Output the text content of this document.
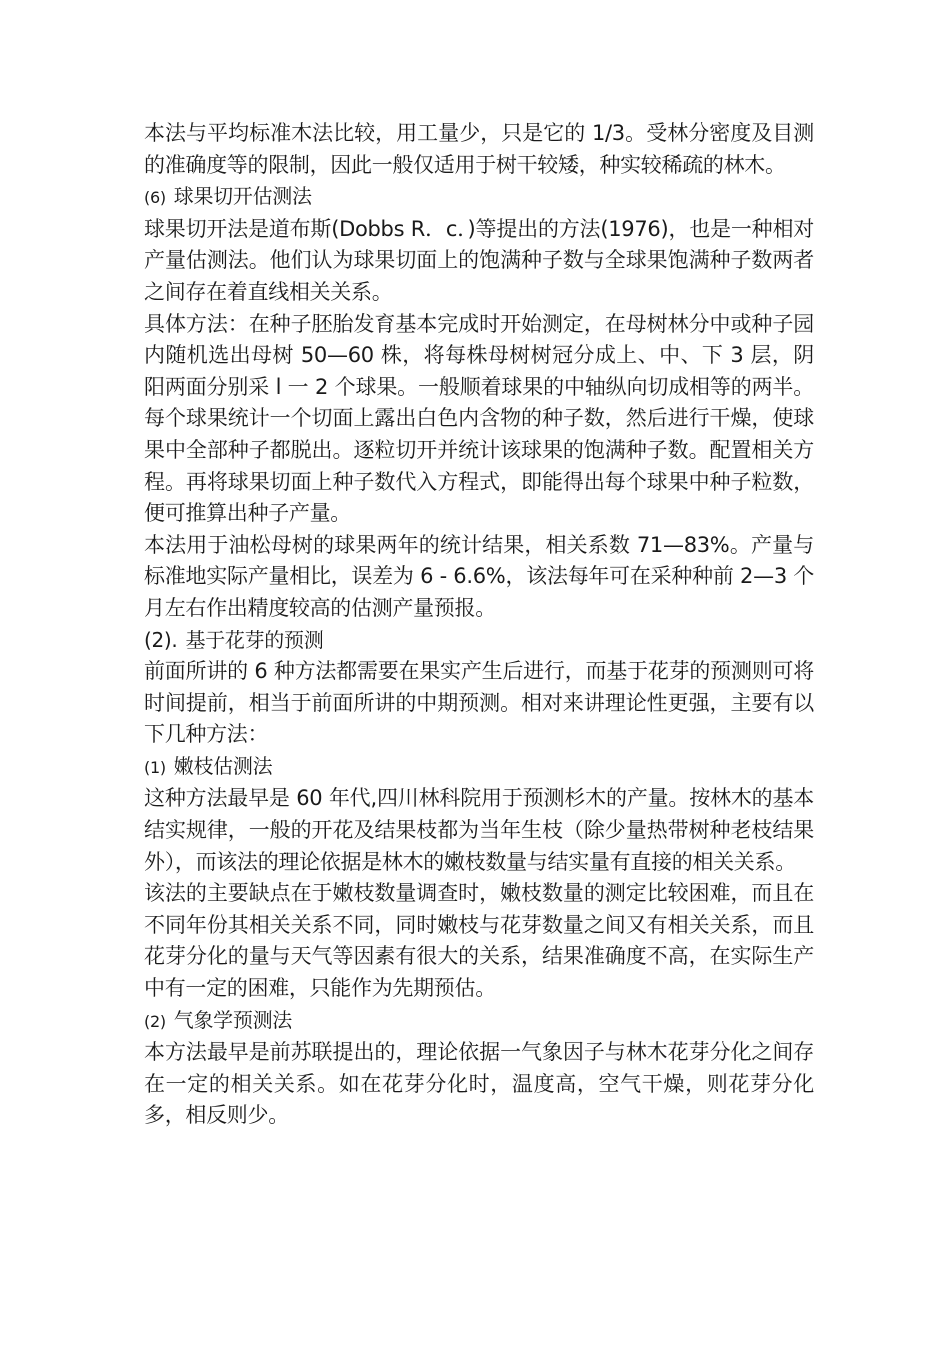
本法与平均标准木法比较，用工量少，只是它的 1/3。受林分密度及目测的准确度等的限制，因此一般仅适用于树干较矮，种实较稀疏的林木。

(6) 球果切开估测法

球果切开法是道布斯(Dobbs R．c．)等提出的方法(1976)，也是一种相对产量估测法。他们认为球果切面上的饱满种子数与全球果饱满种子数两者之间存在着直线相关关系。

具体方法：在种子胚胎发育基本完成时开始测定，在母树林分中或种子园内随机选出母树 50—60 株，将每株母树树冠分成上、中、下 3 层，阴阳两面分别采 l 一 2 个球果。一般顺着球果的中轴纵向切成相等的两半。每个球果统计一个切面上露出白色内含物的种子数，然后进行干燥，使球果中全部种子都脱出。逐粒切开并统计该球果的饱满种子数。配置相关方程。再将球果切面上种子数代入方程式，即能得出每个球果中种子粒数，便可推算出种子产量。

本法用于油松母树的球果两年的统计结果，相关系数 71—83%。产量与标准地实际产量相比，误差为 6 - 6.6%，该法每年可在采种种前 2—3 个月左右作出精度较高的估测产量预报。

(2). 基于花芽的预测

前面所讲的 6 种方法都需要在果实产生后进行，而基于花芽的预测则可将时间提前，相当于前面所讲的中期预测。相对来讲理论性更强，主要有以下几种方法：

(1) 嫩枝估测法

这种方法最早是 60 年代,四川林科院用于预测杉木的产量。按林木的基本结实规律，一般的开花及结果枝都为当年生枝（除少量热带树种老枝结果外），而该法的理论依据是林木的嫩枝数量与结实量有直接的相关关系。

该法的主要缺点在于嫩枝数量调查时，嫩枝数量的测定比较困难，而且在不同年份其相关关系不同，同时嫩枝与花芽数量之间又有相关关系，而且花芽分化的量与天气等因素有很大的关系，结果准确度不高，在实际生产中有一定的困难，只能作为先期预估。

(2) 气象学预测法

本方法最早是前苏联提出的，理论依据一气象因子与林木花芽分化之间存在一定的相关关系。如在花芽分化时，温度高，空气干燥，则花芽分化多，相反则少。
